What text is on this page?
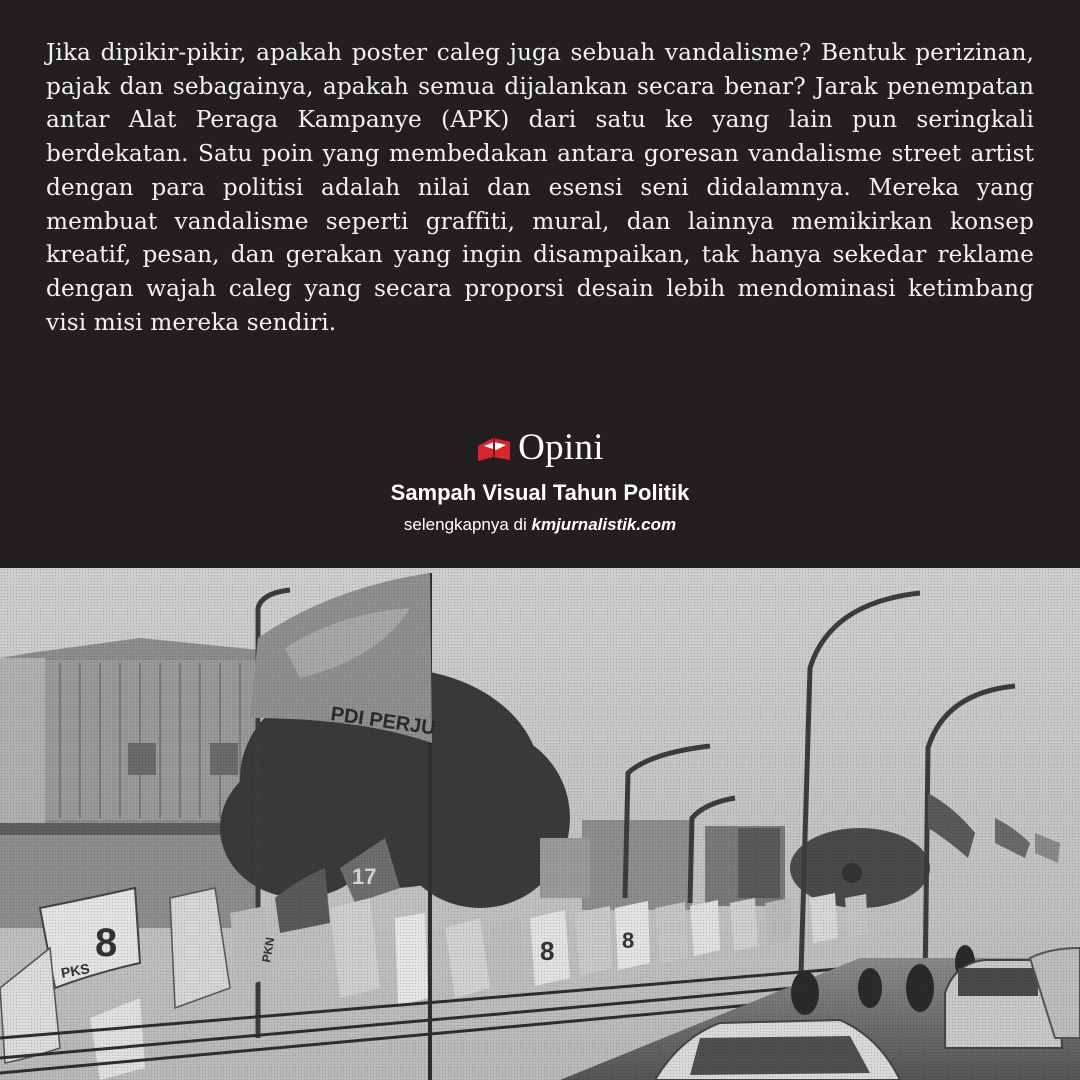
Jika dipikir-pikir, apakah poster caleg juga sebuah vandalisme? Bentuk perizinan, pajak dan sebagainya, apakah semua dijalankan secara benar? Jarak penempatan antar Alat Peraga Kampanye (APK) dari satu ke yang lain pun seringkali berdekatan. Satu poin yang membedakan antara goresan vandalisme street artist dengan para politisi adalah nilai dan esensi seni didalamnya. Mereka yang membuat vandalisme seperti graffiti, mural, dan lainnya memikirkan konsep kreatif, pesan, dan gerakan yang ingin disampaikan, tak hanya sekedar reklame dengan wajah caleg yang secara proporsi desain lebih mendominasi ketimbang visi misi mereka sendiri.

Opini
Sampah Visual Tahun Politik
selengkapnya di kmjurnalistik.com
